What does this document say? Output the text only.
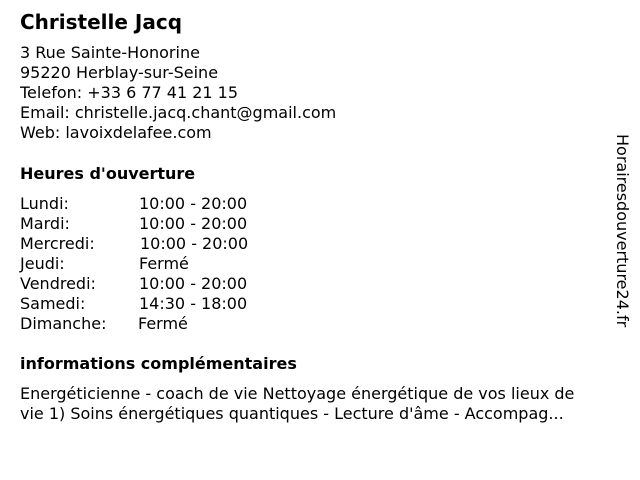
Christelle Jacq
3 Rue Sainte-Honorine
95220 Herblay-sur-Seine
Telefon: +33 6 77 41 21 15
Email: christelle.jacq.chant@gmail.com
Web: lavoixdelafee.com
Heures d'ouverture
Lundi:	10:00 - 20:00
Mardi:	10:00 - 20:00
Mercredi:	10:00 - 20:00
Jeudi:	Fermé
Vendredi:	10:00 - 20:00
Samedi:	14:30 - 18:00
Dimanche: Fermé
informations complémentaires
Energéticienne - coach de vie Nettoyage énergétique de vos lieux de
vie 1) Soins énergétiques quantiques - Lecture d'âme - Accompag...
Horairesdouverture24.fr
